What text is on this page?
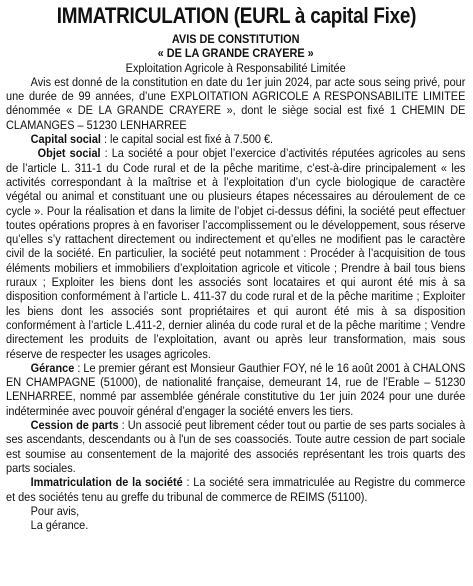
IMMATRICULATION (EURL à capital Fixe)
AVIS DE CONSTITUTION
« DE LA GRANDE CRAYERE »
Exploitation Agricole à Responsabilité Limitée

Avis est donné de la constitution en date du 1er juin 2024, par acte sous seing privé, pour une durée de 99 années, d’une EXPLOITATION AGRICOLE A RESPONSABILITE LIMITEE dénommée « DE LA GRANDE CRAYERE », dont le siège social est fixé 1 CHEMIN DE CLAMANGES – 51230 LENHARREE

Capital social : le capital social est fixé à 7.500 €.

Objet social : La société a pour objet l’exercice d’activités réputées agricoles au sens de l’article L. 311-1 du Code rural et de la pêche maritime, c’est-à-dire principalement « les activités correspondant à la maîtrise et à l’exploitation d’un cycle biologique de caractère végétal ou animal et constituant une ou plusieurs étapes nécessaires au déroulement de ce cycle ». Pour la réalisation et dans la limite de l’objet ci-dessus défini, la société peut effectuer toutes opérations propres à en favoriser l’accomplissement ou le développement, sous réserve qu’elles s’y rattachent directement ou indirectement et qu’elles ne modifient pas le caractère civil de la société. En particulier, la société peut notamment : Procéder à l’acquisition de tous éléments mobiliers et immobiliers d’exploitation agricole et viticole ; Prendre à bail tous biens ruraux ; Exploiter les biens dont les associés sont locataires et qui auront été mis à sa disposition conformément à l’article L. 411-37 du code rural et de la pêche maritime ; Exploiter les biens dont les associés sont propriétaires et qui auront été mis à sa disposition conformément à l’article L.411-2, dernier alinéa du code rural et de la pêche maritime ; Vendre directement les produits de l’exploitation, avant ou après leur transformation, mais sous réserve de respecter les usages agricoles.

Gérance : Le premier gérant est Monsieur Gauthier FOY, né le 16 août 2001 à CHALONS EN CHAMPAGNE (51000), de nationalité française, demeurant 14, rue de l’Erable – 51230 LENHARREE, nommé par assemblée générale constitutive du 1er juin 2024 pour une durée indéterminée avec pouvoir général d’engager la société envers les tiers.

Cession de parts : Un associé peut librement céder tout ou partie de ses parts sociales à ses ascendants, descendants ou à l'un de ses coassociés. Toute autre cession de part sociale est soumise au consentement de la majorité des associés représentant les trois quarts des parts sociales.

Immatriculation de la société : La société sera immatriculée au Registre du commerce et des sociétés tenu au greffe du tribunal de commerce de REIMS (51100).

Pour avis,
La gérance.
